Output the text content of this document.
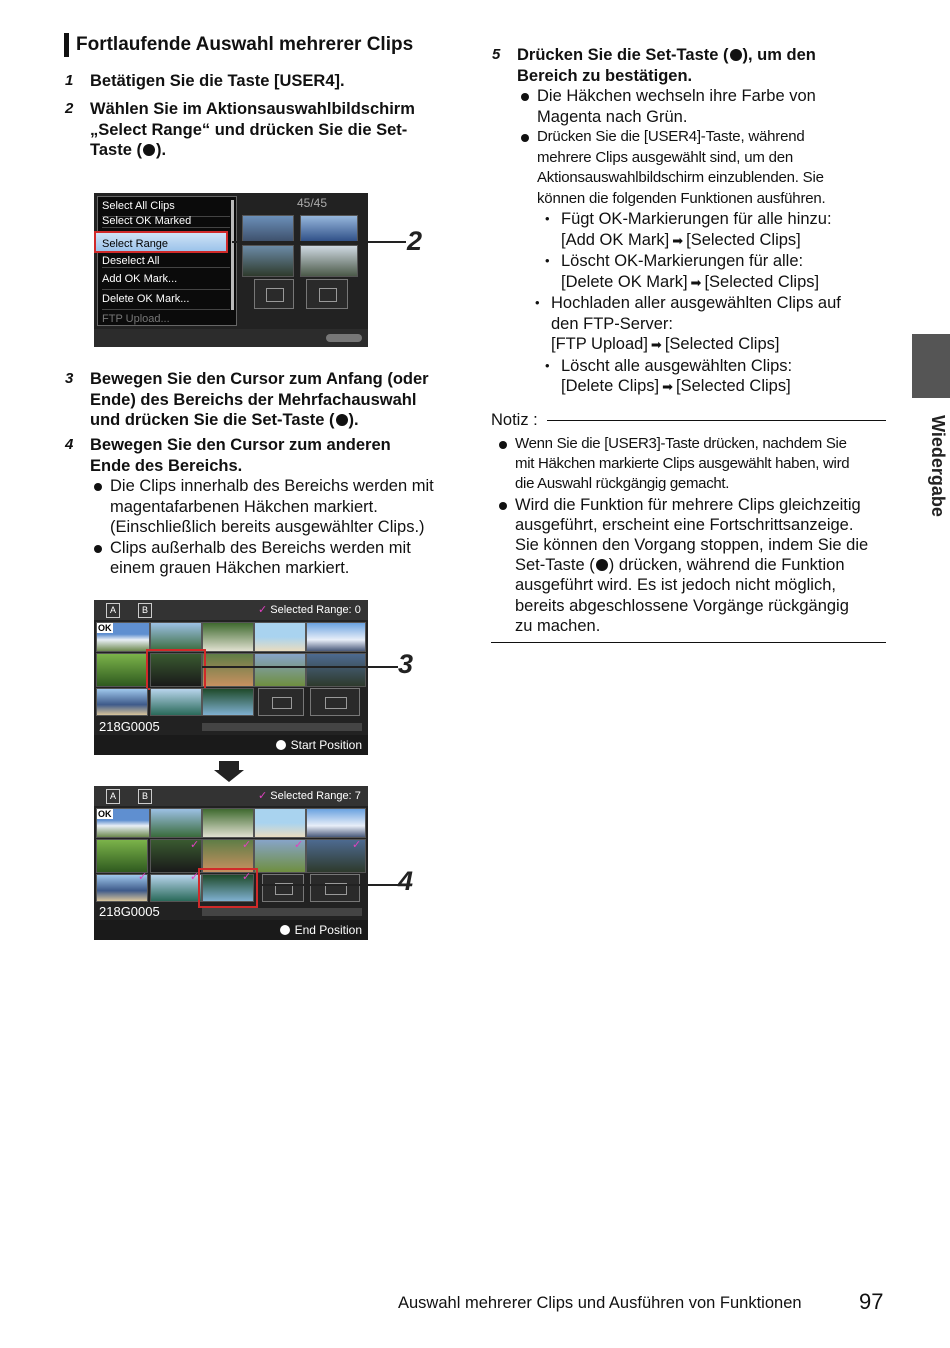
Fortlaufende Auswahl mehrerer Clips
1 Betätigen Sie die Taste [USER4].
2 Wählen Sie im Aktionsauswahlbildschirm
„Select Range“ und drücken Sie die Set-
Taste ( ).
45/45
Select All Clips
Select OK Marked
Deselect All
Add OK Mark...
Delete OK Mark...
FTP Upload...
Select Range	2
3 Bewegen Sie den Cursor zum Anfang (oder
Ende) des Bereichs der Mehrfachauswahl
und drücken Sie die Set-Taste ( ).
4 Bewegen Sie den Cursor zum anderen
Ende des Bereichs.
Die Clips innerhalb des Bereichs werden mit
magentafarbenen Häkchen markiert.
(Einschließlich bereits ausgewählter Clips.)
Clips außerhalb des Bereichs werden mit
einem grauen Häkchen markiert.
A	B	✓ Selected Range: 0
OK
218G0005
Start Position
3
A	B	✓ Selected Range: 7
OK
✓	✓	✓	✓
✓	✓	✓
218G0005
End Position
4
5 Drücken Sie die Set-Taste ( ), um den
Bereich zu bestätigen.
Die Häkchen wechseln ihre Farbe von
Magenta nach Grün.
Drücken Sie die [USER4]-Taste, während
mehrere Clips ausgewählt sind, um den
Aktionsauswahlbildschirm einzublenden. Sie
können die folgenden Funktionen ausführen.
• Fügt OK-Markierungen für alle hinzu:
[Add OK Mark] ➡ [Selected Clips]
• Löscht OK-Markierungen für alle:
[Delete OK Mark] ➡ [Selected Clips]
• Hochladen aller ausgewählten Clips auf
den FTP-Server:
[FTP Upload] ➡ [Selected Clips]
• Löscht alle ausgewählten Clips:
[Delete Clips] ➡ [Selected Clips]
Notiz :
Wenn Sie die [USER3]-Taste drücken, nachdem Sie
mit Häkchen markierte Clips ausgewählt haben, wird
die Auswahl rückgängig gemacht.
Wird die Funktion für mehrere Clips gleichzeitig
ausgeführt, erscheint eine Fortschrittsanzeige.
Sie können den Vorgang stoppen, indem Sie die
Set-Taste ( ) drücken, während die Funktion
ausgeführt wird. Es ist jedoch nicht möglich,
bereits abgeschlossene Vorgänge rückgängig
zu machen.
Wiedergabe
Auswahl mehrerer Clips und Ausführen von Funktionen	97
